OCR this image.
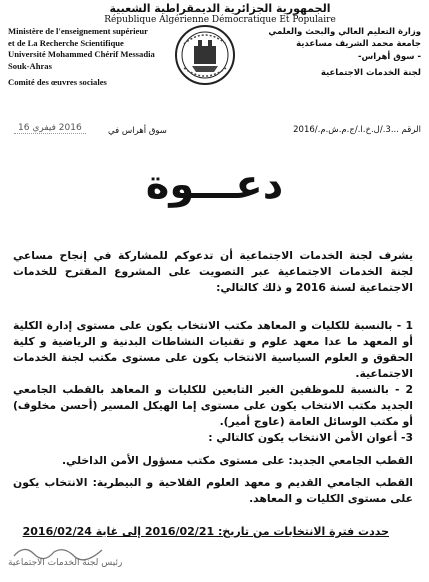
الجمهورية الجزائرية الديمقراطية الشعبية
République Algérienne Démocratique Et Populaire
Ministère de l'enseignement supérieur
et de La Recherche Scientifique
Université Mohammed Chérif Messadia
Souk-Ahras
Comité des œuvres sociales
وزارة التعليم العالي والبحث والعلمي
جامعة محمد الشريف مساعدية
- سوق أهراس-
لجنة الخدمات الاجتماعية
الرقم ...3./ل.خ.ا./ج.م.ش.م./2016
سوق أهراس في
2016 فيفري 16
دعـــوة
يشرف لجنة الخدمات الاجتماعية أن تدعوكم للمشاركة في إنجاح مساعي لجنة الخدمات الاجتماعية عبر التصويت على المشروع المقترح للخدمات الاجتماعية لسنة 2016 و ذلك كالتالي:
1 - بالنسبة للكليات و المعاهد مكتب الانتخاب يكون على مستوى إدارة الكلية أو المعهد ما عدا معهد علوم و تقنيات النشاطات البدنية و الرياضية و كلية الحقوق و العلوم السياسية الانتخاب يكون على مستوى مكتب لجنة الخدمات الاجتماعية.
2 - بالنسبة للموظفين الغير التابعين للكليات و المعاهد بالقطب الجامعي الجديد مكتب الانتخاب يكون على مستوى إما الهيكل المسير (أحسن مخلوف) أو مكتب الوسائل العامة (عاوج أمير).
3- أعوان الأمن الانتخاب يكون كالتالي :
القطب الجامعي الجديد: على مستوى مكتب مسؤول الأمن الداخلي.
القطب الجامعي القديم و معهد العلوم الفلاحية و البيطرية: الانتخاب يكون على مستوى الكليات و المعاهد.
حددت فترة الانتخابات من تاريخ: 2016/02/21 إلى غاية 2016/02/24
رئيس لجنة الخدمات الاجتماعية
